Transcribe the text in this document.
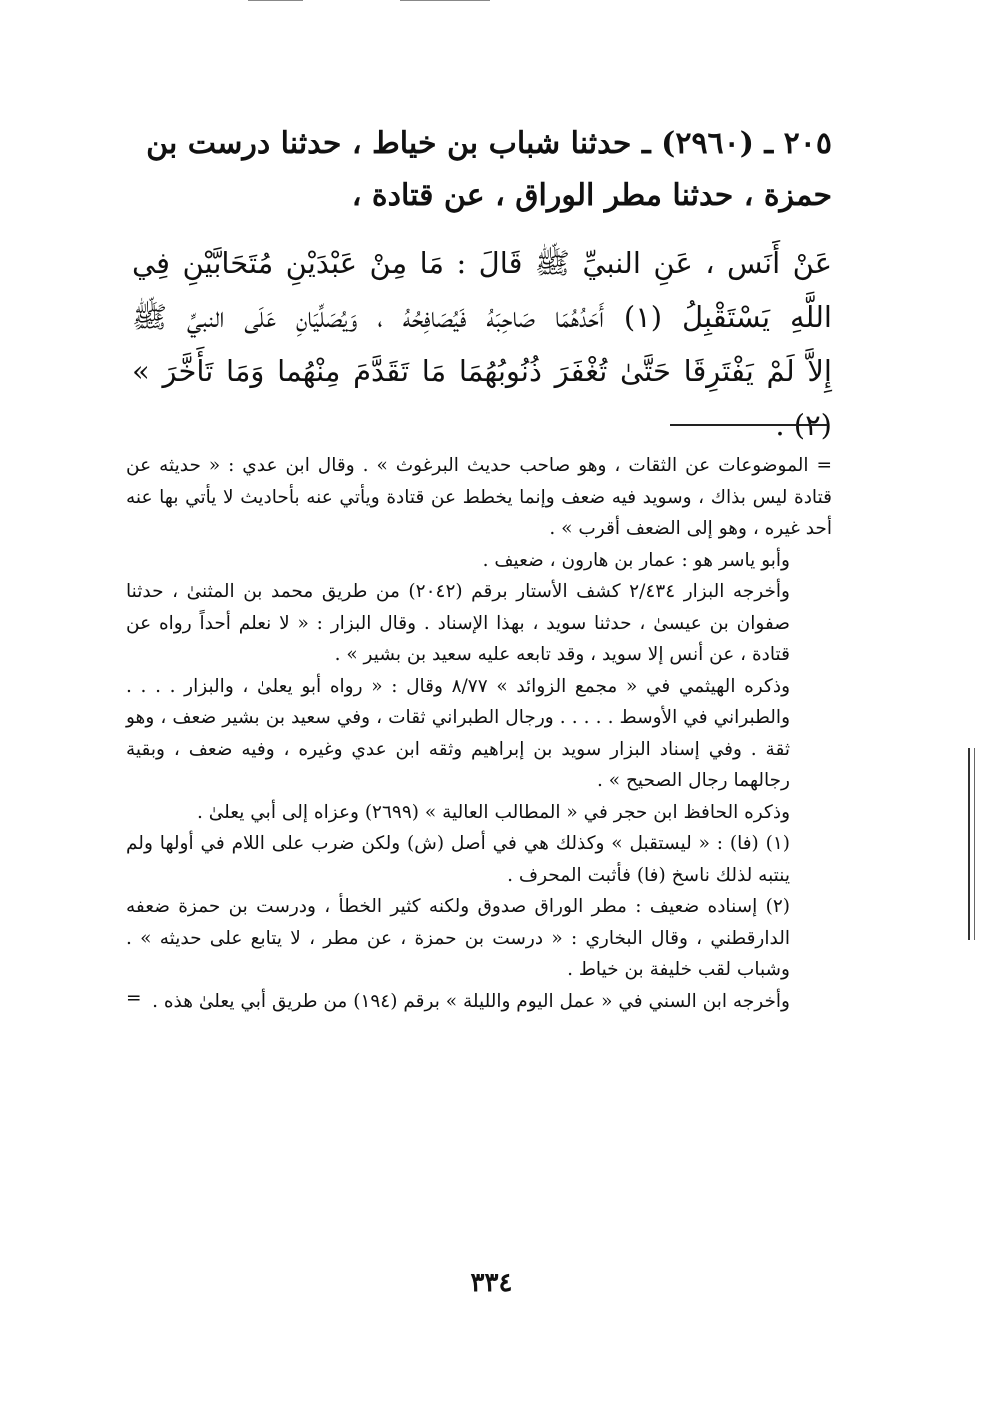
٢٠٥ ـ (٢٩٦٠) ـ حدثنا شباب بن خياط ، حدثنا درست بن

حمزة ، حدثنا مطر الوراق ، عن قتادة ،

عَنْ أَنَس ، عَنِ النبيِّ ﷺ قَالَ : مَا مِنْ عَبْدَيْنِ مُتَحَابَّيْنِ فِي
اللَّهِ يَسْتَقْبِلُ (١) أَحَدُهُمَا صَاحِبَهُ فَيُصَافِحُهُ ، وَيُصَلِّيَانِ عَلَى النبيِّ ﷺ
إِلاَّ لَمْ يَفْتَرِقَا حَتَّىٰ تُغْفَرَ ذُنُوبُهُمَا مَا تَقَدَّمَ مِنْهُما وَمَا تَأَخَّرَ » (٢) .

= الموضوعات عن الثقات ، وهو صاحب حديث البرغوث » . وقال ابن عدي : « حديثه عن قتادة ليس بذاك ، وسويد فيه ضعف وإنما يخطط عن قتادة ويأتي عنه بأحاديث لا يأتي بها عنه أحد غيره ، وهو إلى الضعف أقرب » .

وأبو ياسر هو : عمار بن هارون ، ضعيف .

وأخرجه البزار ٢/٤٣٤ كشف الأستار برقم (٢٠٤٢) من طريق محمد بن المثنىٰ ، حدثنا صفوان بن عيسىٰ ، حدثنا سويد ، بهذا الإسناد . وقال البزار : « لا نعلم أحداً رواه عن قتادة ، عن أنس إلا سويد ، وقد تابعه عليه سعيد بن بشير » .

وذكره الهيثمي في « مجمع الزوائد » ٨/٧٧ وقال : « رواه أبو يعلىٰ ، والبزار . . . . والطبراني في الأوسط . . . . . ورجال الطبراني ثقات ، وفي سعيد بن بشير ضعف ، وهو ثقة . وفي إسناد البزار سويد بن إبراهيم وثقه ابن عدي وغيره ، وفيه ضعف ، وبقية رجالهما رجال الصحيح » .

وذكره الحافظ ابن حجر في « المطالب العالية » (٢٦٩٩) وعزاه إلى أبي يعلىٰ .

(١) (فا) : « ليستقبل » وكذلك هي في أصل (ش) ولكن ضرب على اللام في أولها ولم ينتبه لذلك ناسخ (فا) فأثبت المحرف .

(٢) إسناده ضعيف : مطر الوراق صدوق ولكنه كثير الخطأ ، ودرست بن حمزة ضعفه الدارقطني ، وقال البخاري : « درست بن حمزة ، عن مطر ، لا يتابع على حديثه » . وشباب لقب خليفة بن خياط .

وأخرجه ابن السني في « عمل اليوم والليلة » برقم (١٩٤) من طريق أبي يعلىٰ هذه .

=

٣٣٤
